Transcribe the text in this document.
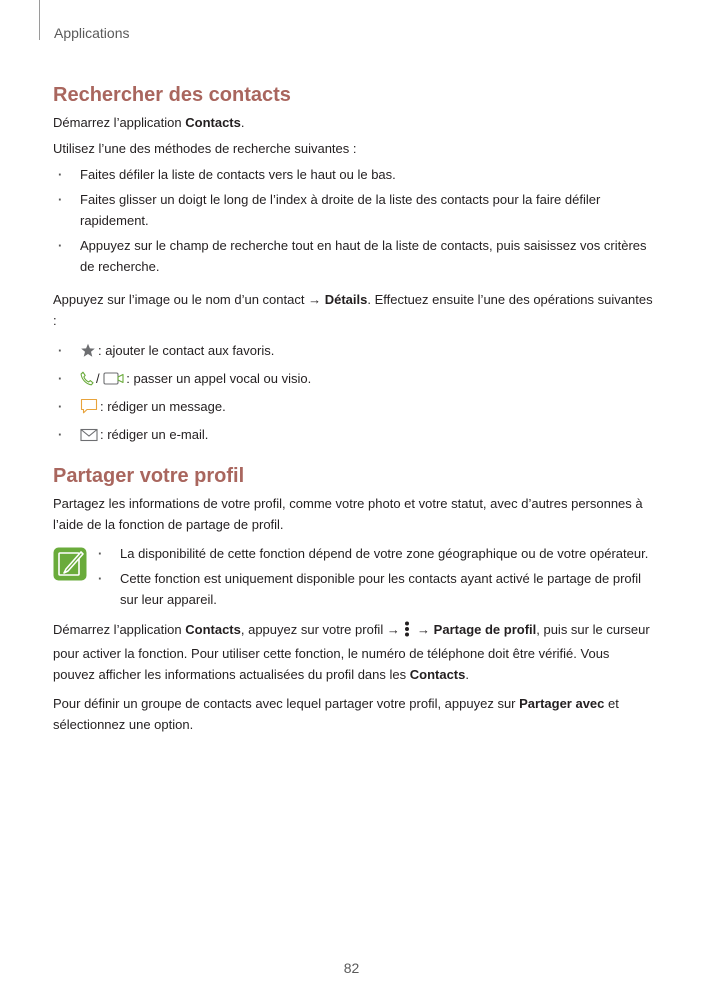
Applications
Rechercher des contacts

Démarrez l’application Contacts.

Utilisez l’une des méthodes de recherche suivantes :

· Faites défiler la liste de contacts vers le haut ou le bas.
· Faites glisser un doigt le long de l’index à droite de la liste des contacts pour la faire défiler rapidement.
· Appuyez sur le champ de recherche tout en haut de la liste de contacts, puis saisissez vos critères de recherche.

Appuyez sur l’image ou le nom d’un contact → Détails. Effectuez ensuite l’une des opérations suivantes :

· : ajouter le contact aux favoris.
· / : passer un appel vocal ou visio.
· : rédiger un message.
· : rédiger un e-mail.
Partager votre profil

Partagez les informations de votre profil, comme votre photo et votre statut, avec d’autres personnes à l’aide de la fonction de partage de profil.

· La disponibilité de cette fonction dépend de votre zone géographique ou de votre opérateur.
· Cette fonction est uniquement disponible pour les contacts ayant activé le partage de profil sur leur appareil.

Démarrez l’application Contacts, appuyez sur votre profil →  → Partage de profil, puis sur le curseur pour activer la fonction. Pour utiliser cette fonction, le numéro de téléphone doit être vérifié. Vous pouvez afficher les informations actualisées du profil dans les Contacts.

Pour définir un groupe de contacts avec lequel partager votre profil, appuyez sur Partager avec et sélectionnez une option.

82
